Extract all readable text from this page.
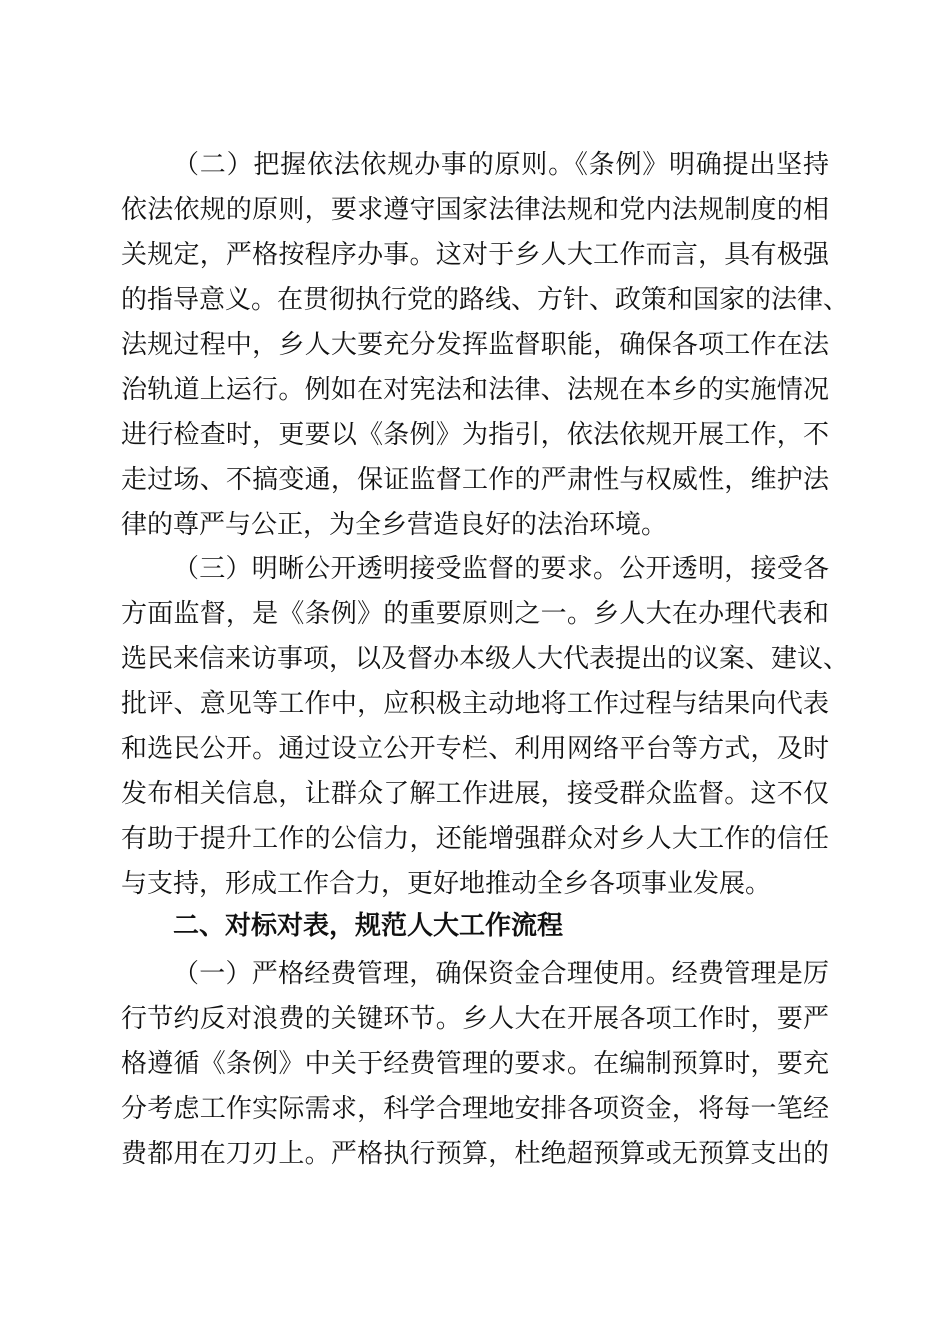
（二）把握依法依规办事的原则。《条例》明确提出坚持
依法依规的原则，要求遵守国家法律法规和党内法规制度的相
关规定，严格按程序办事。这对于乡人大工作而言，具有极强
的指导意义。在贯彻执行党的路线、方针、政策和国家的法律、
法规过程中，乡人大要充分发挥监督职能，确保各项工作在法
治轨道上运行。例如在对宪法和法律、法规在本乡的实施情况
进行检查时，更要以《条例》为指引，依法依规开展工作，不
走过场、不搞变通，保证监督工作的严肃性与权威性，维护法
律的尊严与公正，为全乡营造良好的法治环境。
（三）明晰公开透明接受监督的要求。公开透明，接受各
方面监督，是《条例》的重要原则之一。乡人大在办理代表和
选民来信来访事项，以及督办本级人大代表提出的议案、建议、
批评、意见等工作中，应积极主动地将工作过程与结果向代表
和选民公开。通过设立公开专栏、利用网络平台等方式，及时
发布相关信息，让群众了解工作进展，接受群众监督。这不仅
有助于提升工作的公信力，还能增强群众对乡人大工作的信任
与支持，形成工作合力，更好地推动全乡各项事业发展。
二、对标对表，规范人大工作流程
（一）严格经费管理，确保资金合理使用。经费管理是厉
行节约反对浪费的关键环节。乡人大在开展各项工作时，要严
格遵循《条例》中关于经费管理的要求。在编制预算时，要充
分考虑工作实际需求，科学合理地安排各项资金，将每一笔经
费都用在刀刃上。严格执行预算，杜绝超预算或无预算支出的
